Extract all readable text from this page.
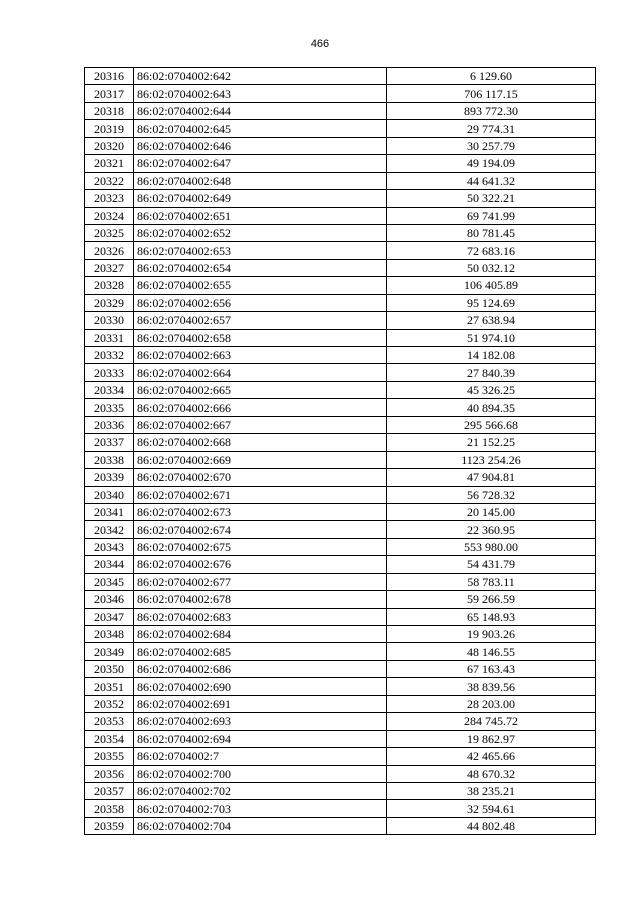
466
20316	86:02:0704002:642	6 129.60
20317	86:02:0704002:643	706 117.15
20318	86:02:0704002:644	893 772.30
20319	86:02:0704002:645	29 774.31
20320	86:02:0704002:646	30 257.79
20321	86:02:0704002:647	49 194.09
20322	86:02:0704002:648	44 641.32
20323	86:02:0704002:649	50 322.21
20324	86:02:0704002:651	69 741.99
20325	86:02:0704002:652	80 781.45
20326	86:02:0704002:653	72 683.16
20327	86:02:0704002:654	50 032.12
20328	86:02:0704002:655	106 405.89
20329	86:02:0704002:656	95 124.69
20330	86:02:0704002:657	27 638.94
20331	86:02:0704002:658	51 974.10
20332	86:02:0704002:663	14 182.08
20333	86:02:0704002:664	27 840.39
20334	86:02:0704002:665	45 326.25
20335	86:02:0704002:666	40 894.35
20336	86:02:0704002:667	295 566.68
20337	86:02:0704002:668	21 152.25
20338	86:02:0704002:669	1123 254.26
20339	86:02:0704002:670	47 904.81
20340	86:02:0704002:671	56 728.32
20341	86:02:0704002:673	20 145.00
20342	86:02:0704002:674	22 360.95
20343	86:02:0704002:675	553 980.00
20344	86:02:0704002:676	54 431.79
20345	86:02:0704002:677	58 783.11
20346	86:02:0704002:678	59 266.59
20347	86:02:0704002:683	65 148.93
20348	86:02:0704002:684	19 903.26
20349	86:02:0704002:685	48 146.55
20350	86:02:0704002:686	67 163.43
20351	86:02:0704002:690	38 839.56
20352	86:02:0704002:691	28 203.00
20353	86:02:0704002:693	284 745.72
20354	86:02:0704002:694	19 862.97
20355	86:02:0704002:7	42 465.66
20356	86:02:0704002:700	48 670.32
20357	86:02:0704002:702	38 235.21
20358	86:02:0704002:703	32 594.61
20359	86:02:0704002:704	44 802.48
